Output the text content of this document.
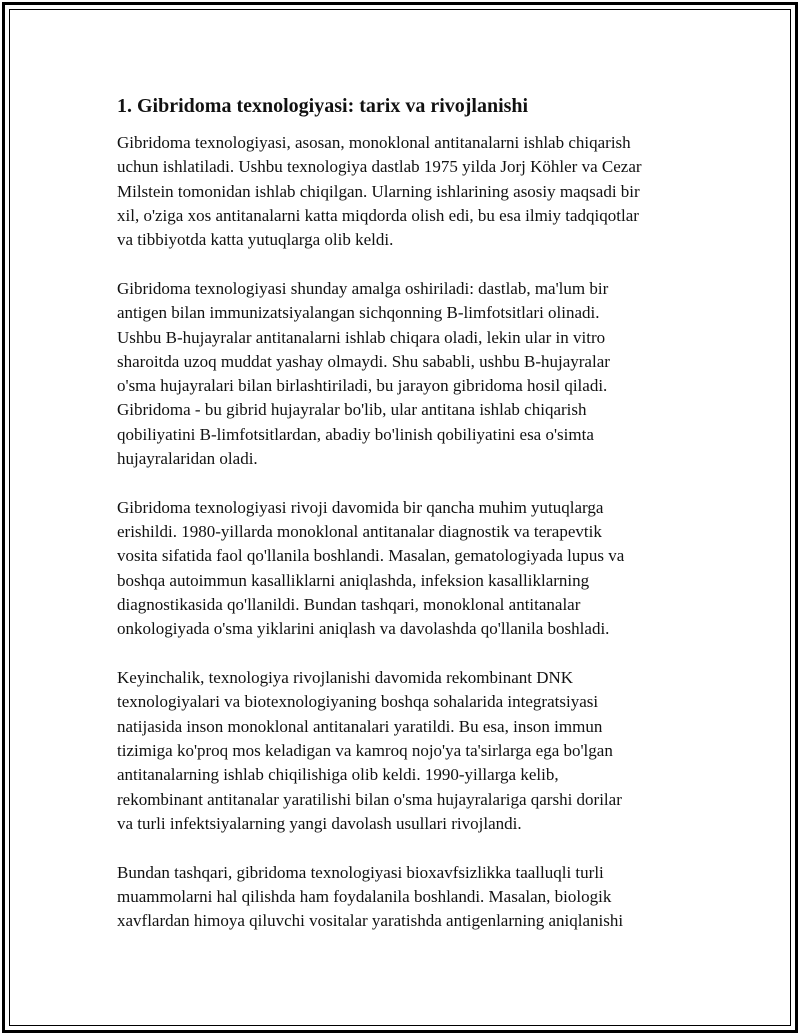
1. Gibridoma texnologiyasi: tarix va rivojlanishi

Gibridoma texnologiyasi, asosan, monoklonal antitanalarni ishlab chiqarish
uchun ishlatiladi. Ushbu texnologiya dastlab 1975 yilda Jorj Köhler va Cezar
Milstein tomonidan ishlab chiqilgan. Ularning ishlarining asosiy maqsadi bir
xil, o'ziga xos antitanalarni katta miqdorda olish edi, bu esa ilmiy tadqiqotlar
va tibbiyotda katta yutuqlarga olib keldi.

Gibridoma texnologiyasi shunday amalga oshiriladi: dastlab, ma'lum bir
antigen bilan immunizatsiyalangan sichqonning B-limfotsitlari olinadi.
Ushbu B-hujayralar antitanalarni ishlab chiqara oladi, lekin ular in vitro
sharoitda uzoq muddat yashay olmaydi. Shu sababli, ushbu B-hujayralar
o'sma hujayralari bilan birlashtiriladi, bu jarayon gibridoma hosil qiladi.
Gibridoma - bu gibrid hujayralar bo'lib, ular antitana ishlab chiqarish
qobiliyatini B-limfotsitlardan, abadiy bo'linish qobiliyatini esa o'simta
hujayralaridan oladi.

Gibridoma texnologiyasi rivoji davomida bir qancha muhim yutuqlarga
erishildi. 1980-yillarda monoklonal antitanalar diagnostik va terapevtik
vosita sifatida faol qo'llanila boshlandi. Masalan, gematologiyada lupus va
boshqa autoimmun kasalliklarni aniqlashda, infeksion kasalliklarning
diagnostikasida qo'llanildi. Bundan tashqari, monoklonal antitanalar
onkologiyada o'sma yiklarini aniqlash va davolashda qo'llanila boshladi.

Keyinchalik, texnologiya rivojlanishi davomida rekombinant DNK
texnologiyalari va biotexnologiyaning boshqa sohalarida integratsiyasi
natijasida inson monoklonal antitanalari yaratildi. Bu esa, inson immun
tizimiga ko'proq mos keladigan va kamroq nojo'ya ta'sirlarga ega bo'lgan
antitanalarning ishlab chiqilishiga olib keldi. 1990-yillarga kelib,
rekombinant antitanalar yaratilishi bilan o'sma hujayralariga qarshi dorilar
va turli infektsiyalarning yangi davolash usullari rivojlandi.

Bundan tashqari, gibridoma texnologiyasi bioxavfsizlikka taalluqli turli
muammolarni hal qilishda ham foydalanila boshlandi. Masalan, biologik
xavflardan himoya qiluvchi vositalar yaratishda antigenlarning aniqlanishi
